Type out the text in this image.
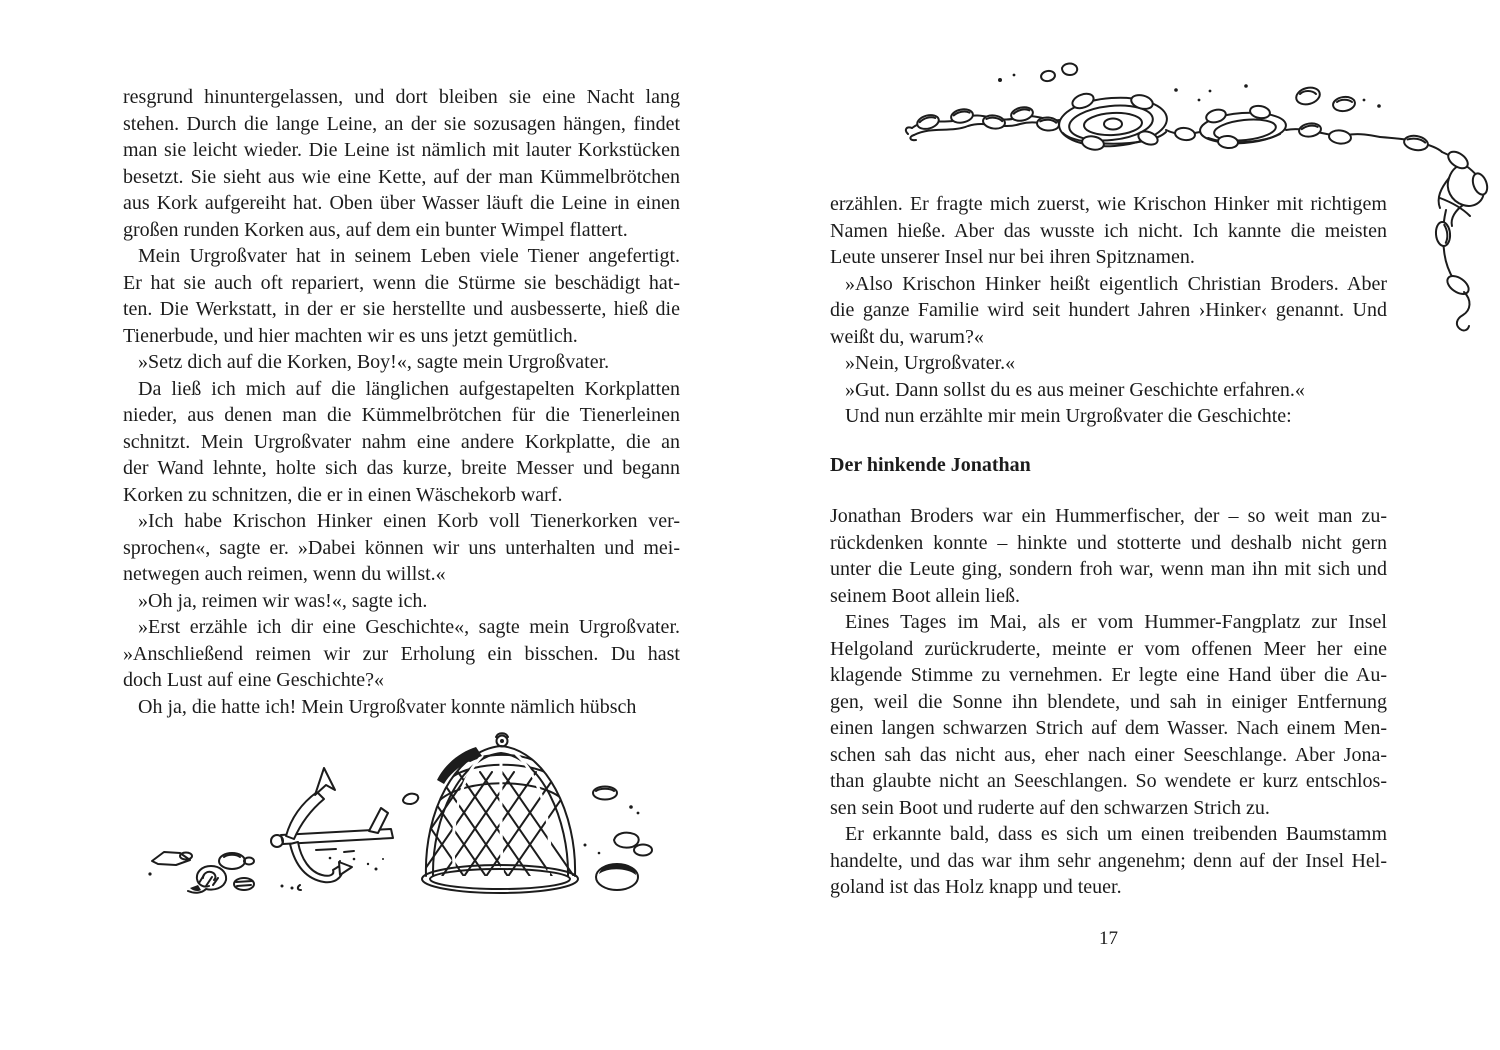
resgrund hinuntergelassen, und dort bleiben sie eine Nacht lang
stehen. Durch die lange Leine, an der sie sozusagen hängen, findet
man sie leicht wieder. Die Leine ist nämlich mit lauter Korkstücken
besetzt. Sie sieht aus wie eine Kette, auf der man Kümmelbrötchen
aus Kork aufgereiht hat. Oben über Wasser läuft die Leine in einen
großen runden Korken aus, auf dem ein bunter Wimpel flattert.
Mein Urgroßvater hat in seinem Leben viele Tiener angefertigt.
Er hat sie auch oft repariert, wenn die Stürme sie beschädigt hat-
ten. Die Werkstatt, in der er sie herstellte und ausbesserte, hieß die
Tienerbude, und hier machten wir es uns jetzt gemütlich.
»Setz dich auf die Korken, Boy!«, sagte mein Urgroßvater.
Da ließ ich mich auf die länglichen aufgestapelten Korkplatten
nieder, aus denen man die Kümmelbrötchen für die Tienerleinen
schnitzt. Mein Urgroßvater nahm eine andere Korkplatte, die an
der Wand lehnte, holte sich das kurze, breite Messer und begann
Korken zu schnitzen, die er in einen Wäschekorb warf.
»Ich habe Krischon Hinker einen Korb voll Tienerkorken ver-
sprochen«, sagte er. »Dabei können wir uns unterhalten und mei-
netwegen auch reimen, wenn du willst.«
»Oh ja, reimen wir was!«, sagte ich.
»Erst erzähle ich dir eine Geschichte«, sagte mein Urgroßvater.
»Anschließend reimen wir zur Erholung ein bisschen. Du hast
doch Lust auf eine Geschichte?«
Oh ja, die hatte ich! Mein Urgroßvater konnte nämlich hübsch
erzählen. Er fragte mich zuerst, wie Krischon Hinker mit richtigem
Namen hieße. Aber das wusste ich nicht. Ich kannte die meisten
Leute unserer Insel nur bei ihren Spitznamen.
»Also Krischon Hinker heißt eigentlich Christian Broders. Aber
die ganze Familie wird seit hundert Jahren ›Hinker‹ genannt. Und
weißt du, warum?«
»Nein, Urgroßvater.«
»Gut. Dann sollst du es aus meiner Geschichte erfahren.«
Und nun erzählte mir mein Urgroßvater die Geschichte:
Der hinkende Jonathan
Jonathan Broders war ein Hummerfischer, der – so weit man zu-
rückdenken konnte – hinkte und stotterte und deshalb nicht gern
unter die Leute ging, sondern froh war, wenn man ihn mit sich und
seinem Boot allein ließ.
Eines Tages im Mai, als er vom Hummer-Fangplatz zur Insel
Helgoland zurückruderte, meinte er vom offenen Meer her eine
klagende Stimme zu vernehmen. Er legte eine Hand über die Au-
gen, weil die Sonne ihn blendete, und sah in einiger Entfernung
einen langen schwarzen Strich auf dem Wasser. Nach einem Men-
schen sah das nicht aus, eher nach einer Seeschlange. Aber Jona-
than glaubte nicht an Seeschlangen. So wendete er kurz entschlos-
sen sein Boot und ruderte auf den schwarzen Strich zu.
Er erkannte bald, dass es sich um einen treibenden Baumstamm
handelte, und das war ihm sehr angenehm; denn auf der Insel Hel-
goland ist das Holz knapp und teuer.
17
